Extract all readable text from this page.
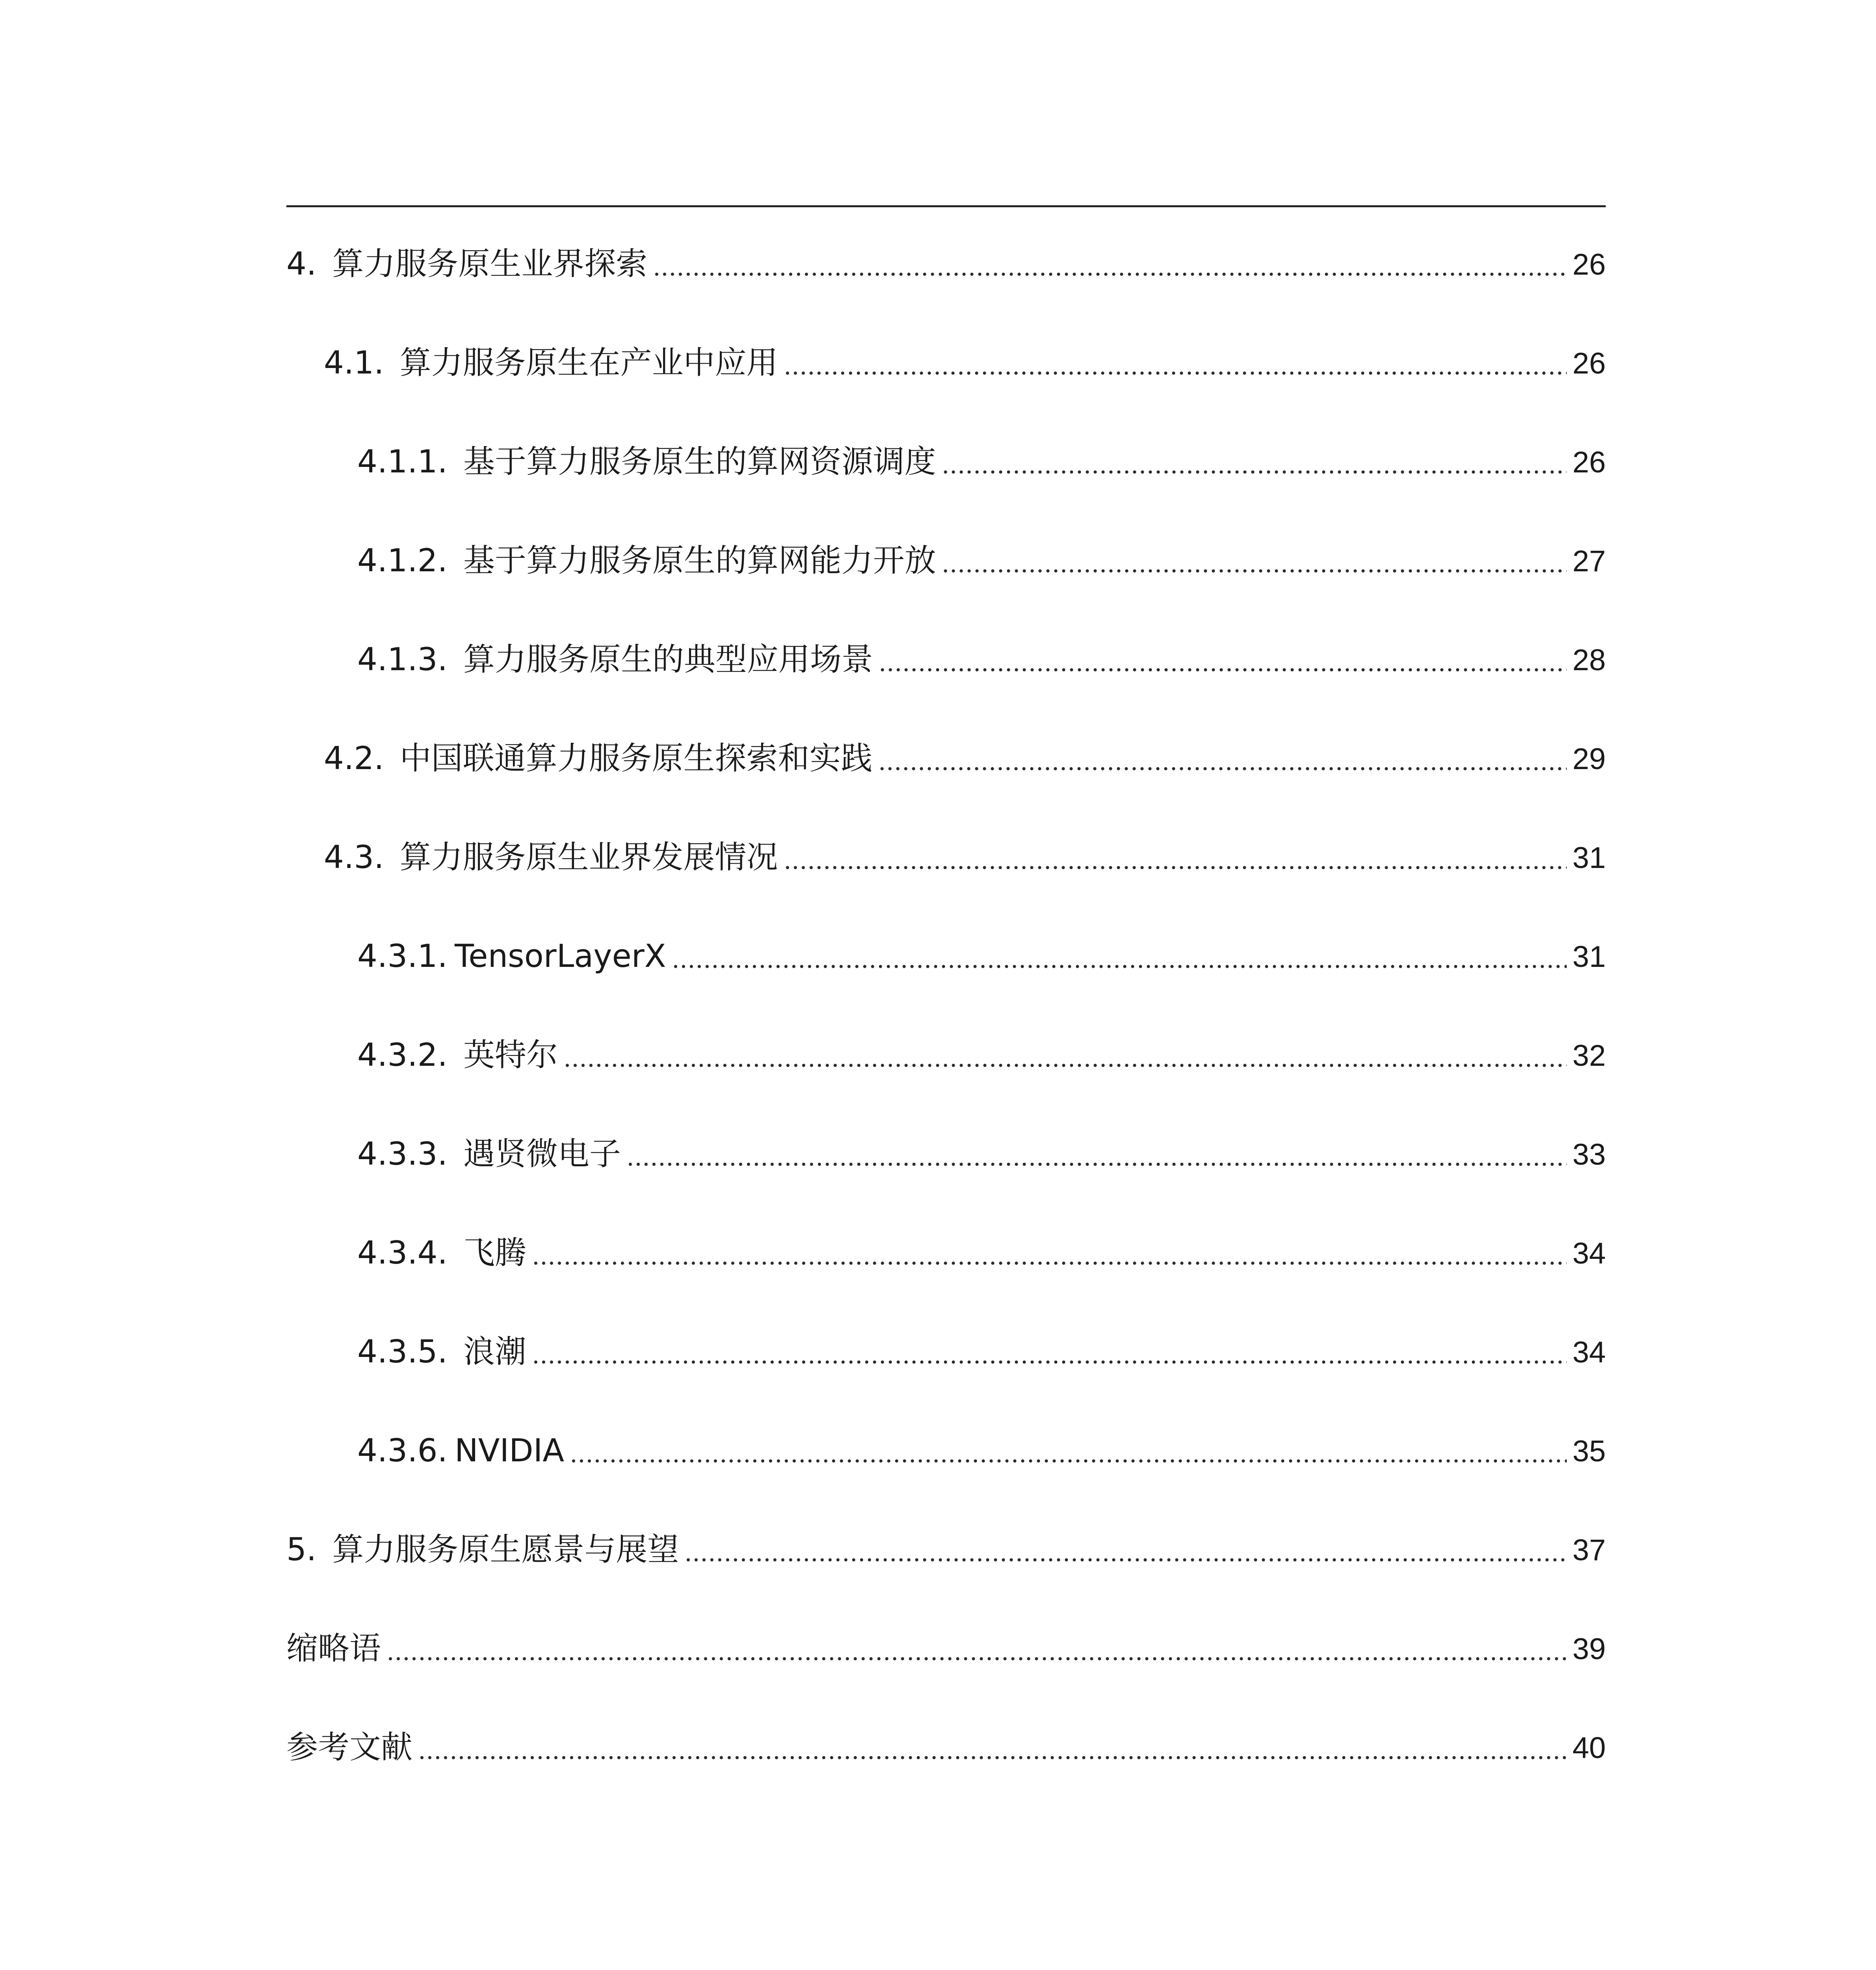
4. 算力服务原生业界探索	26
4.1. 算力服务原生在产业中应用	26
4.1.1. 基于算力服务原生的算网资源调度	26
4.1.2. 基于算力服务原生的算网能力开放	27
4.1.3. 算力服务原生的典型应用场景	28
4.2. 中国联通算力服务原生探索和实践	29
4.3. 算力服务原生业界发展情况	31
4.3.1. TensorLayerX	31
4.3.2. 英特尔	32
4.3.3. 遇贤微电子	33
4.3.4. 飞腾	34
4.3.5. 浪潮	34
4.3.6. NVIDIA	35
5. 算力服务原生愿景与展望	37
缩略语	39
参考文献	40
